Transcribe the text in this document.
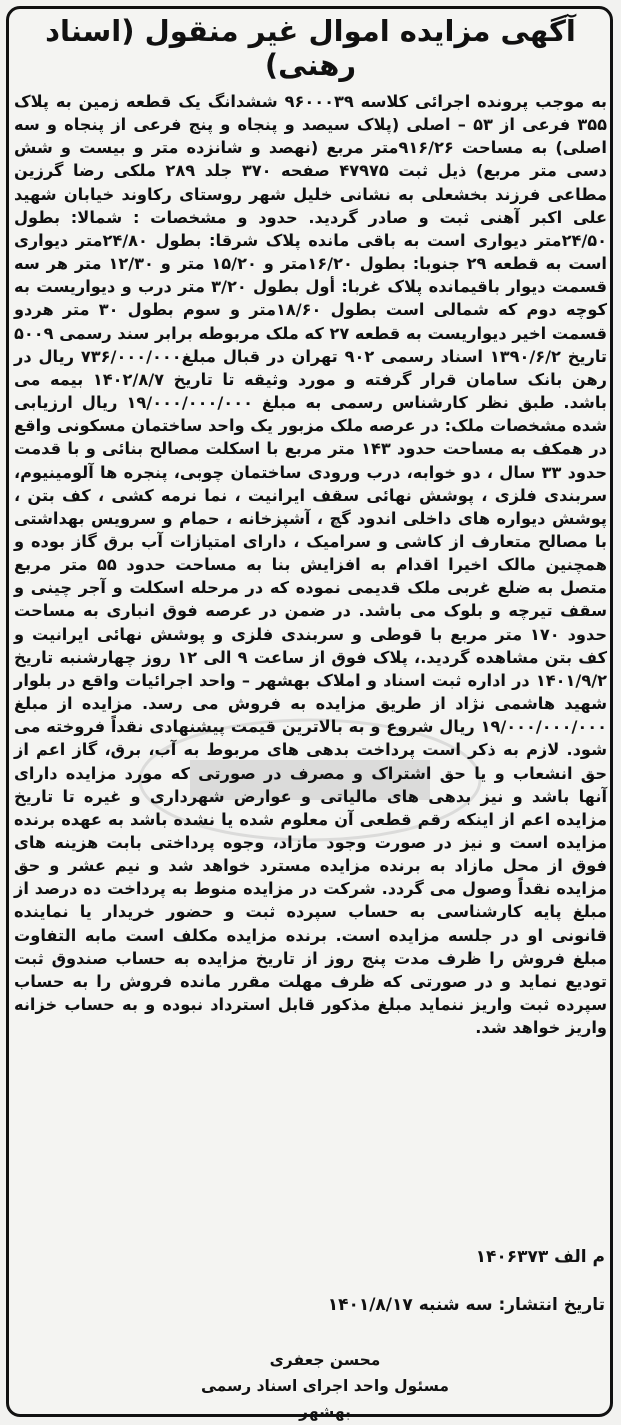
آگهی مزایده اموال غیر منقول (اسناد رهنی)
به موجب پرونده اجرائی کلاسه ۹۶۰۰۰۳۹ ششدانگ یک قطعه زمین به پلاک ۳۵۵ فرعی از ۵۳ – اصلی (پلاک سیصد و پنجاه و پنج فرعی از پنجاه و سه اصلی) به مساحت ۹۱۶/۲۶متر مربع (نهصد و شانزده متر و بیست و شش دسی متر مربع) ذیل ثبت ۴۷۹۷۵ صفحه ۳۷۰ جلد ۲۸۹ ملکی رضا گرزین مطاعی فرزند بخشعلی به نشانی خلیل شهر روستای رکاوند خیابان شهید علی اکبر آهنی ثبت و صادر گردید. حدود و مشخصات : شمالا: بطول ۲۴/۵۰متر دیواری است به باقی مانده پلاک شرقا: بطول ۲۴/۸۰متر دیواری است به قطعه ۲۹ جنوبا: بطول ۱۶/۲۰متر و ۱۵/۲۰ متر و ۱۲/۳۰ متر هر سه قسمت دیوار باقیمانده پلاک غربا: أول بطول ۳/۲۰ متر درب و دیواریست به کوچه دوم که شمالی است بطول ۱۸/۶۰متر و سوم بطول ۳۰ متر هردو قسمت اخیر دیواریست به قطعه ۲۷ که ملک مربوطه برابر سند رسمی ۵۰۰۹ تاریخ ۱۳۹۰/۶/۲ اسناد رسمی ۹۰۲ تهران در قبال مبلغ۷۳۶/۰۰۰/۰۰۰ ریال در رهن بانک سامان قرار گرفته و مورد وثیقه تا تاریخ ۱۴۰۲/۸/۷ بیمه می باشد. طبق نظر کارشناس رسمی به مبلغ ۱۹/۰۰۰/۰۰۰/۰۰۰ ریال ارزیابی شده مشخصات ملک: در عرصه ملک مزبور یک واحد ساختمان مسکونی واقع در همکف به مساحت حدود ۱۴۳ متر مربع با اسکلت مصالح بنائی و با قدمت حدود ۳۳ سال ، دو خوابه، درب ورودی ساختمان چوبی، پنجره ها آلومینیوم، سربندی فلزی ، پوشش نهائی سقف ایرانیت ، نما نرمه کشی ، کف بتن ، پوشش دیواره های داخلی اندود گچ ، آشپزخانه ، حمام و سرویس بهداشتی با مصالح متعارف از کاشی و سرامیک ، دارای امتیازات آب برق گاز بوده و همچنین مالک اخیرا اقدام به افزایش بنا به مساحت حدود ۵۵ متر مربع متصل به ضلع غربی ملک قدیمی نموده که در مرحله اسکلت و آجر چینی و سقف تیرچه و بلوک می باشد. در ضمن در عرصه فوق انباری به مساحت حدود ۱۷۰ متر مربع با قوطی و سربندی فلزی و پوشش نهائی ایرانیت و کف بتن مشاهده گردید.، پلاک فوق از ساعت ۹ الی ۱۲ روز چهارشنبه تاریخ ۱۴۰۱/۹/۲ در اداره ثبت اسناد و املاک بهشهر – واحد اجرائیات واقع در بلوار شهید هاشمی نژاد از طریق مزایده به فروش می رسد. مزایده از مبلغ ۱۹/۰۰۰/۰۰۰/۰۰۰ ریال شروع و به بالاترین قیمت پیشنهادی نقداً فروخته می شود. لازم به ذکر است پرداخت بدهی های مربوط به آب، برق، گاز اعم از حق انشعاب و یا حق اشتراک و مصرف در صورتی که مورد مزایده دارای آنها باشد و نیز بدهی های مالیاتی و عوارض شهرداری و غیره تا تاریخ مزایده اعم از اینکه رقم قطعی آن معلوم شده یا نشده باشد به عهده برنده مزایده است و نیز در صورت وجود مازاد، وجوه پرداختی بابت هزینه های فوق از محل مازاد به برنده مزایده مسترد خواهد شد و نیم عشر و حق مزایده نقداً وصول می گردد. شرکت در مزایده منوط به پرداخت ده درصد از مبلغ پایه کارشناسی به حساب سپرده ثبت و حضور خریدار یا نماینده قانونی او در جلسه مزایده است. برنده مزایده مکلف است مابه التفاوت مبلغ فروش را ظرف مدت پنج روز از تاریخ مزایده به حساب صندوق ثبت تودیع نماید و در صورتی که ظرف مهلت مقرر مانده فروش را به حساب سپرده ثبت واریز ننماید مبلغ مذکور قابل استرداد نبوده و به حساب خزانه واریز خواهد شد.
م الف ۱۴۰۶۳۷۳
تاریخ انتشار: سه شنبه ۱۴۰۱/۸/۱۷
محسن جعفری
مسئول واحد اجرای اسناد رسمی بهشهر
